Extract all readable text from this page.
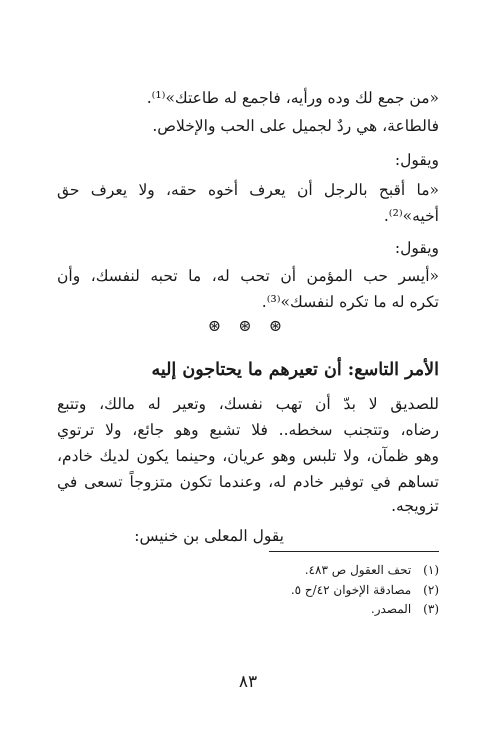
«من جمع لك وده ورأيه، فاجمع له طاعتك»⁽¹⁾.
فالطاعة، هي ردٌ لجميل على الحب والإخلاص.
ويقول:
«ما أقبح بالرجل أن يعرف أخوه حقه، ولا يعرف حق
أخيه»⁽²⁾.
ويقول:
«أيسر حب المؤمن أن تحب له، ما تحبه لنفسك، وأن
تكره له ما تكره لنفسك»⁽³⁾.
⊛ ⊛ ⊛
الأمر التاسع: أن تعيرهم ما يحتاجون إليه
للصديق لا بدّ أن تهب نفسك، وتعير له مالك، وتتبع
رضاه، وتتجنب سخطه.. فلا تشبع وهو جائع، ولا ترتوي
وهو ظمآن، ولا تلبس وهو عريان، وحينما يكون لديك خادم،
تساهم في توفير خادم له، وعندما تكون متزوجاً تسعى في
تزويجه.
يقول المعلى بن خنيس:
(١) تحف العقول ص ٤٨٣.
(٢) مصادقة الإخوان ٤٢/ح ٥.
(٣) المصدر.
٨٣
